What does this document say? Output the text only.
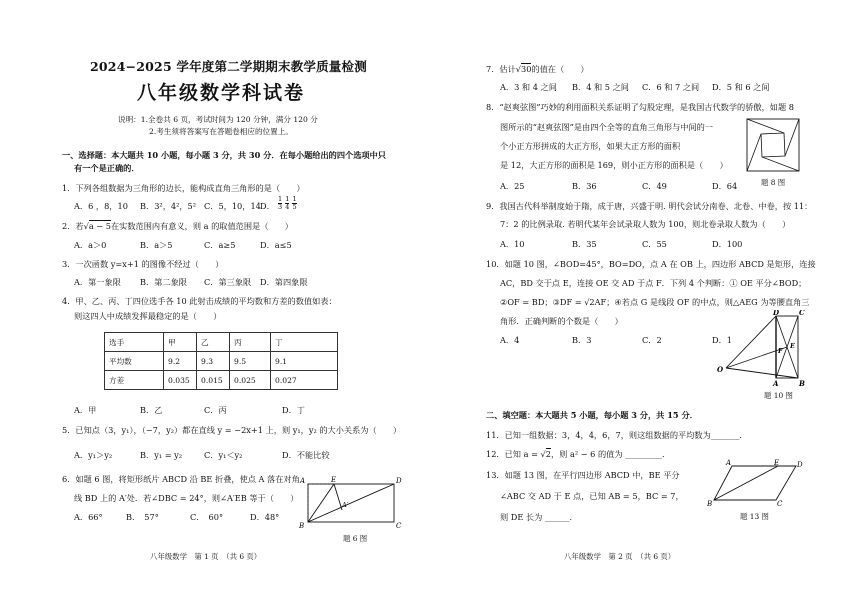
2024−2025 学年度第二学期期末教学质量检测
八年级数学科试卷
说明：1.全卷共 6 页，考试时间为 120 分钟，满分 120 分
2.考生须将答案写在答题卷相应的位置上。
一、选择题：本大题共 10 小题，每小题 3 分，共 30 分．在每小题给出的四个选项中只
有一个是正确的．
1．下列各组数据为三角形的边长，能构成直角三角形的是（　　）
A．6 ，8，10 B．3²，4²，5² C．5，10，14 D． $\frac{1}{3} \frac{1}{4} \frac{1}{5}$
2．若√a − 5在实数范围内有意义，则 a 的取值范围是（　　）
A．a＞0	B．a＞5	C．a≥5	D．a≤5
3．一次函数 y=x+1 的图像不经过（　　）
A．第一象限 B．第二象限 C．第三象限 D．第四象限
4．甲、乙、丙、丁四位选手各 10 此射击成绩的平均数和方差的数值如表：
则这四人中成绩发挥最稳定的是（　　）
选手	甲	乙	丙	丁
平均数	9.2	9.3	9.5	9.1
方差	0.035	0.015	0.025	0.027
A．甲	B．乙	C．丙	D．丁
5．已知点（3，y₁），（−7，y₂）都在直线 y = −2x+1 上，则 y₁，y₂ 的大小关系为（　　）
A．y₁＞y₂	B．y₁ = y₂	C．y₁＜y₂	D．不能比较
6．如题 6 图，将矩形纸片 ABCD 沿 BE 折叠，使点 A 落在对角
线 BD 上的 A′处．若∠DBC = 24°，则∠A′EB 等于（　　）
A．66°	B．　57°	C．　60°	D．48°
A	E	D
A′
B	C
题 6 图
八年级数学　第 1 页　（共 6 页）
7．估计√30的值在（　　）
A．3 和 4 之间 B．4 和 5 之间 C．6 和 7 之间 D．5 和 6 之间
8．“赵爽弦图”巧妙的利用面积关系证明了勾股定理，是我国古代数学的骄傲，如题 8
图所示的“赵爽弦图”是由四个全等的直角三角形与中间的一
个小正方形拼成的大正方形，如果大正方形的面积
是 12，大正方形的面积是 169，则小正方形的面积是（　　）
A．25	B．36	C．49	D．64	题 8 图
9．我国古代科举制度始于隋，成于唐，兴盛于明. 明代会试分南卷、北卷、中卷，按 11：
7：2 的比例录取. 若明代某年会试录取人数为 100，则北卷录取人数为（　　）
A．10	B．35	C．55	D．100
10．如题 10 图，∠BOD=45°，BO=DO，点 A 在 OB 上，四边形 ABCD 是矩形，连接
AC，BD 交于点 E，连接 OE 交 AD 于点 F．下列 4 个判断：① OE 平分∠BOD；
②OF = BD；③DF = √2AF；④若点 G 是线段 OF 的中点，则△AEG 为等腰直角三
角形．正确判断的个数是（　　）
A．4	B．3	C．2	D．1
D	C
F
E
O
A	B
题 10 图
二、填空题：本大题共 5 小题，每小题 3 分，共 15 分．
11．已知一组数据：3，4，4，6，7，则这组数据的平均数为_______．
12．已知 a = √2，则 a² − 6 的值为 _________．
13．如题 13 图，在平行四边形 ABCD 中，BE 平分
∠ABC 交 AD 于 E 点，已知 AB = 5，BC = 7，
则 DE 长为 ______．
A	E	D
B	C
题 13 图
八年级数学　第 2 页　（共 6 页）
